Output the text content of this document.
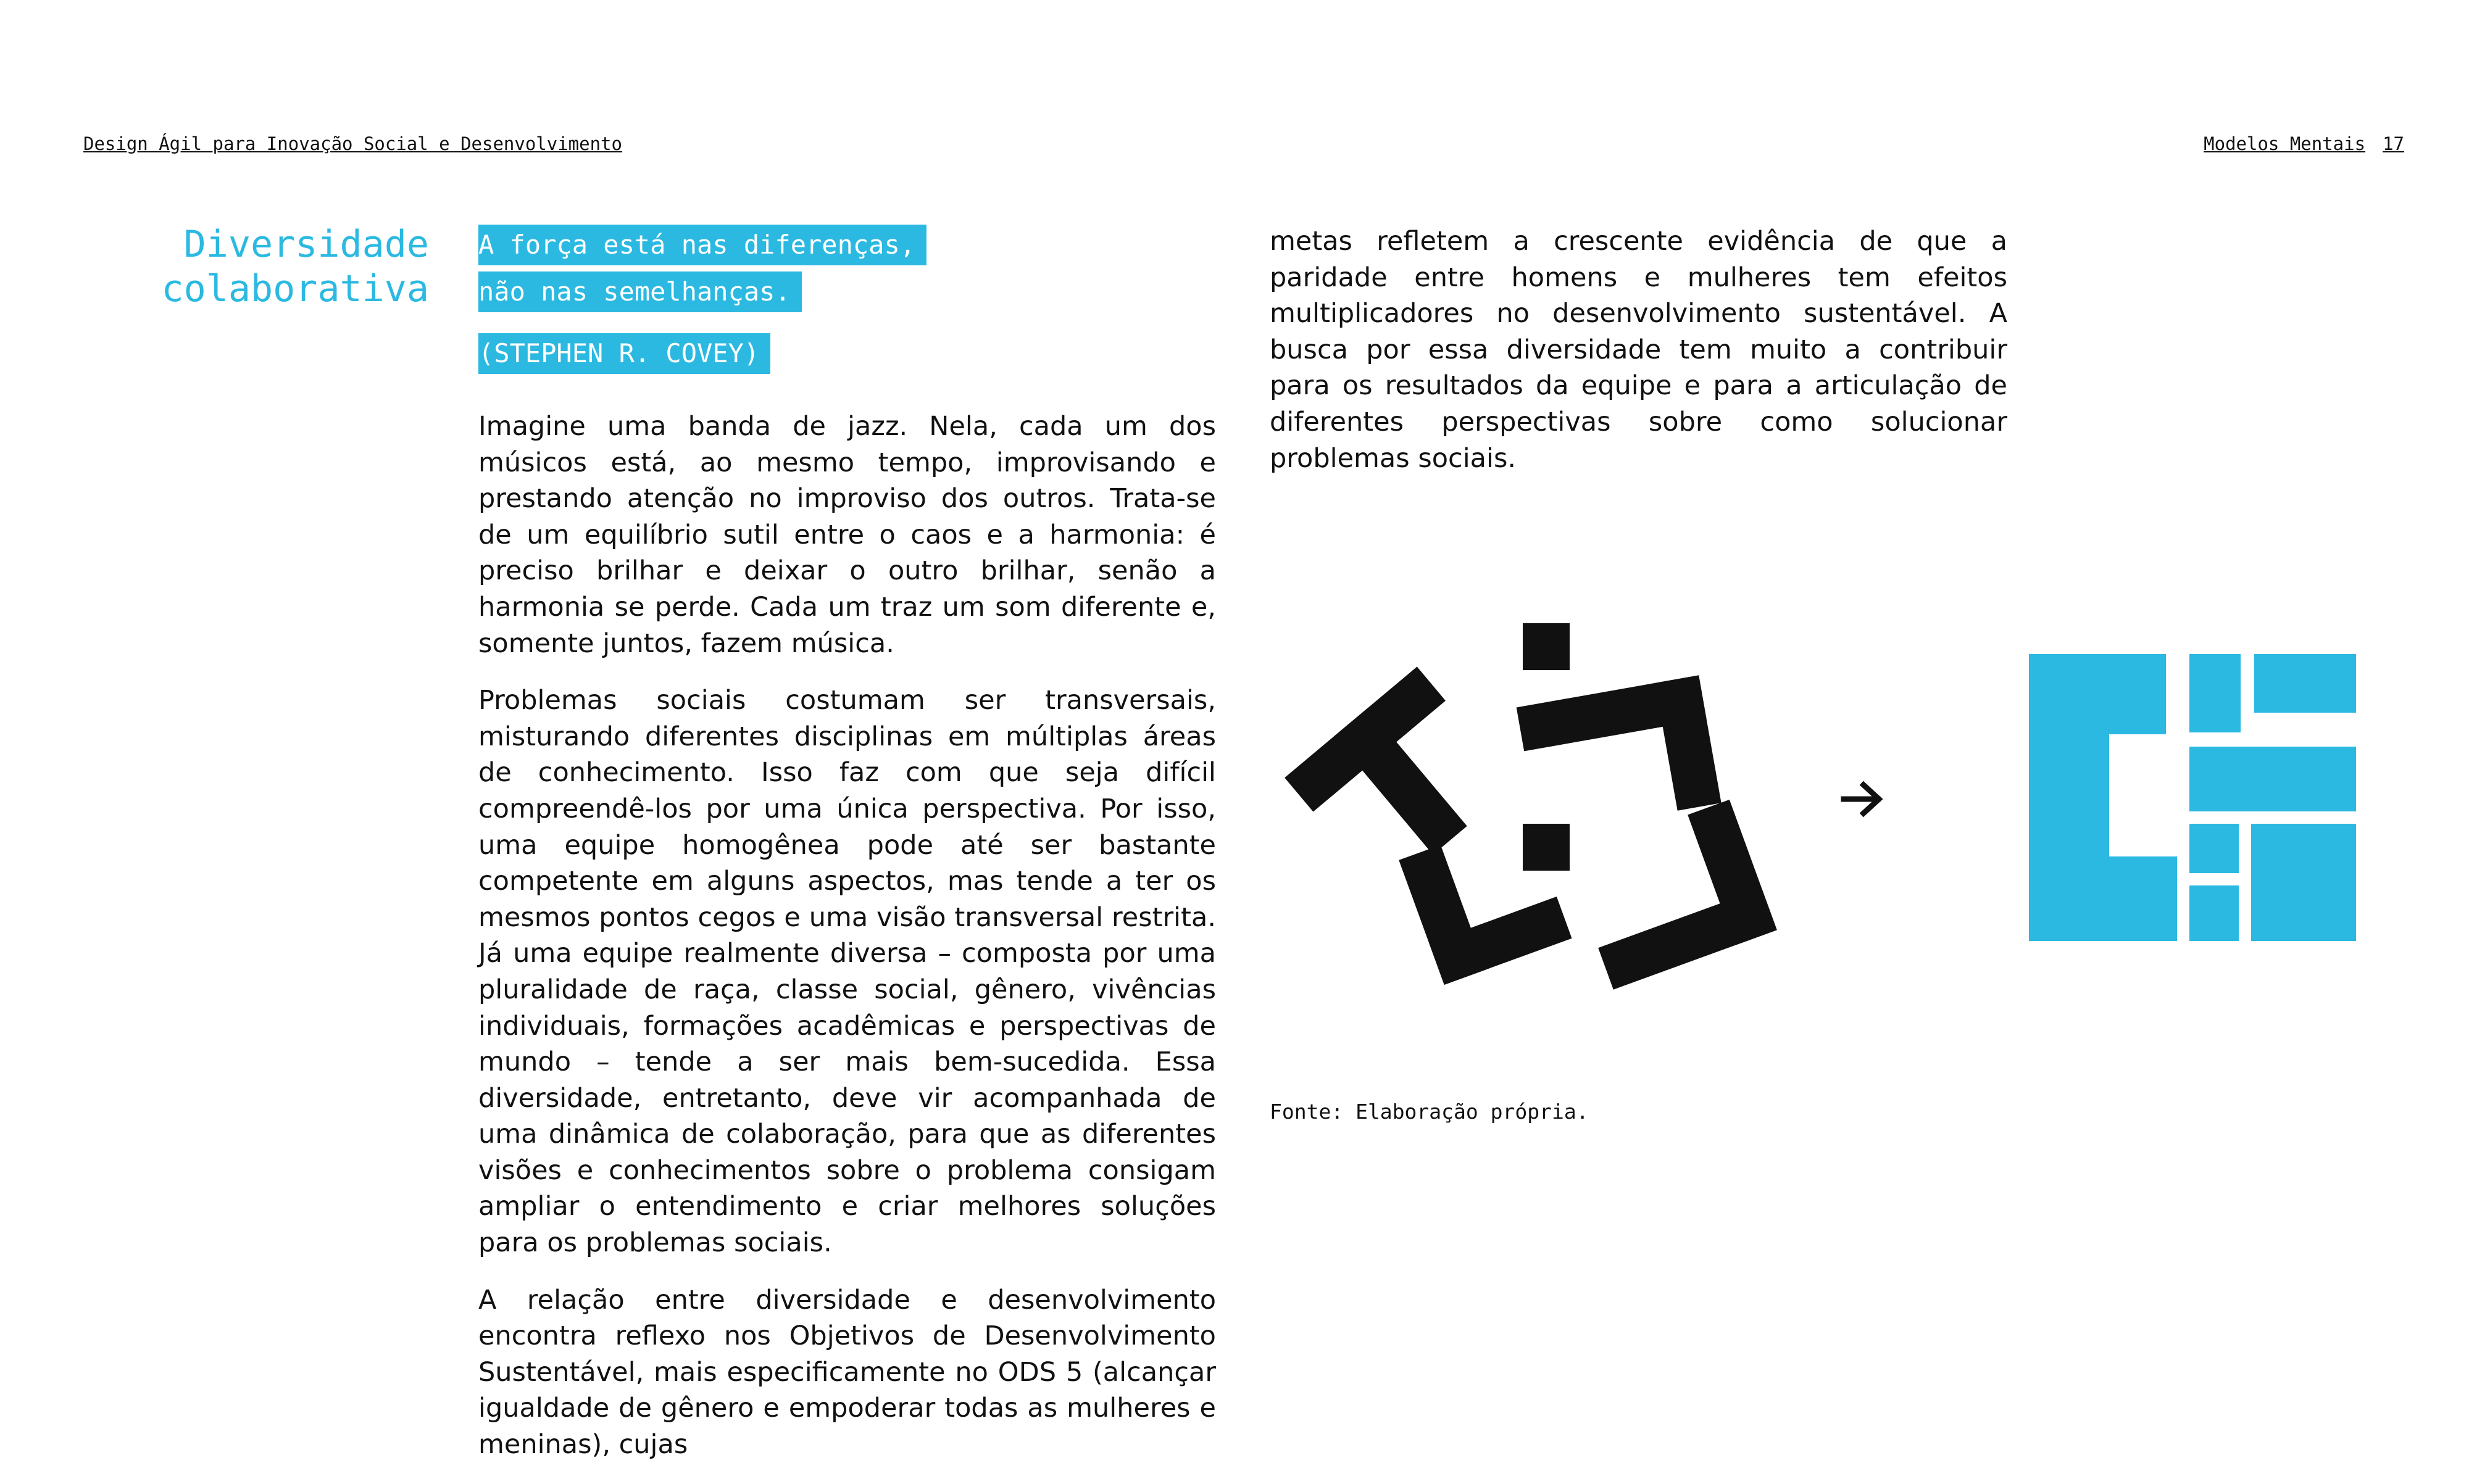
Design Ágil para Inovação Social e Desenvolvimento	Modelos Mentais 17
Diversidade
colaborativa
A força está nas diferenças,
não nas semelhanças.
(STEPHEN R. COVEY)

Imagine uma banda de jazz. Nela, cada um dos músicos está, ao mesmo tempo, improvisando e prestando atenção no improviso dos outros. Trata-se de um equilíbrio sutil entre o caos e a harmonia: é preciso brilhar e deixar o outro brilhar, senão a harmonia se perde. Cada um traz um som diferente e, somente juntos, fazem música.

Problemas sociais costumam ser transversais, misturando diferentes disciplinas em múltiplas áreas de conhecimento. Isso faz com que seja difícil compreendê-los por uma única perspectiva. Por isso, uma equipe homogênea pode até ser bastante competente em alguns aspectos, mas tende a ter os mesmos pontos cegos e uma visão transversal restrita. Já uma equipe realmente diversa – composta por uma pluralidade de raça, classe social, gênero, vivências individuais, formações acadêmicas e perspectivas de mundo – tende a ser mais bem-sucedida. Essa diversidade, entretanto, deve vir acompanhada de uma dinâmica de colaboração, para que as diferentes visões e conhecimentos sobre o problema consigam ampliar o entendimento e criar melhores soluções para os problemas sociais.

A relação entre diversidade e desenvolvimento encontra reflexo nos Objetivos de Desenvolvimento Sustentável, mais especificamente no ODS 5 (alcançar igualdade de gênero e empoderar todas as mulheres e meninas), cujas

metas refletem a crescente evidência de que a paridade entre homens e mulheres tem efeitos multiplicadores no desenvolvimento sustentável. A busca por essa diversidade tem muito a contribuir para os resultados da equipe e para a articulação de diferentes perspectivas sobre como solucionar problemas sociais.

Fonte: Elaboração própria.
